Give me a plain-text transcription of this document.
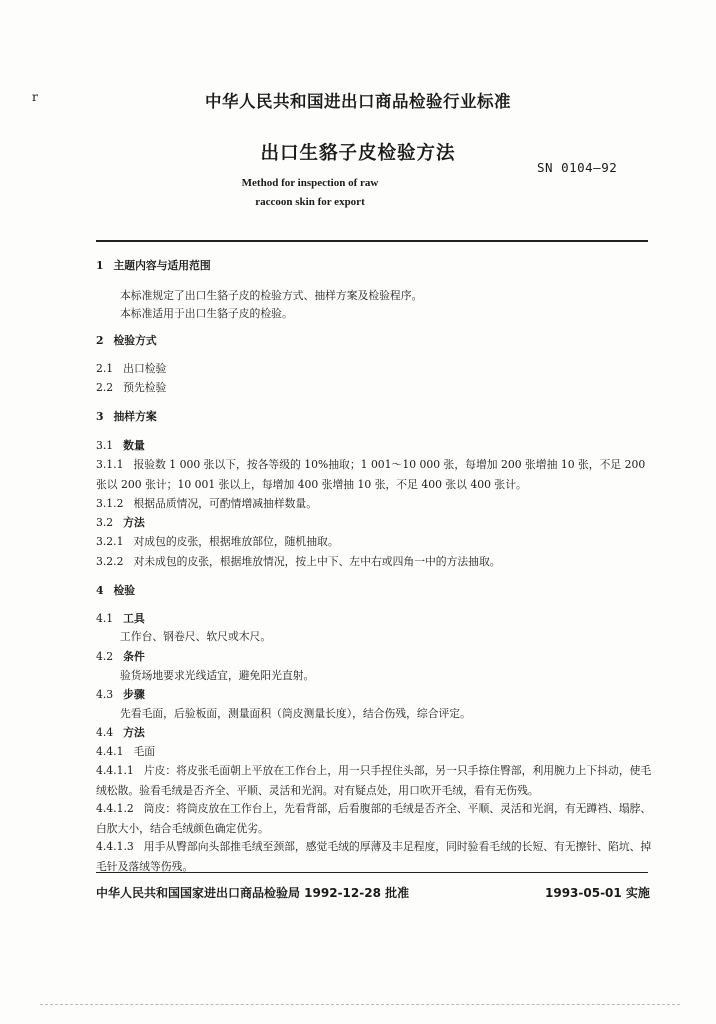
r	中华人民共和国进出口商品检验行业标准
出口生貉子皮检验方法
SN 0104—92
Method for inspection of raw
raccoon skin for export
1 主题内容与适用范围
本标准规定了出口生貉子皮的检验方式、抽样方案及检验程序。
本标准适用于出口生貉子皮的检验。
2 检验方式
2.1 出口检验
2.2 预先检验
3 抽样方案
3.1 数量
3.1.1 报验数 1 000 张以下，按各等级的 10%抽取；1 001～10 000 张，每增加 200 张增抽 10 张，不足 200 张以 200 张计；10 001 张以上，每增加 400 张增抽 10 张，不足 400 张以 400 张计。
3.1.2 根据品质情况，可酌情增减抽样数量。
3.2 方法
3.2.1 对成包的皮张，根据堆放部位，随机抽取。
3.2.2 对未成包的皮张，根据堆放情况，按上中下、左中右或四角一中的方法抽取。
4 检验
4.1 工具
工作台、钢卷尺、软尺或木尺。
4.2 条件
验货场地要求光线适宜，避免阳光直射。
4.3 步骤
先看毛面，后验板面，测量面积（筒皮测量长度），结合伤残，综合评定。
4.4 方法
4.4.1 毛面
4.4.1.1 片皮：将皮张毛面朝上平放在工作台上，用一只手捏住头部，另一只手捺住臀部，利用腕力上下抖动，使毛绒松散。验看毛绒是否齐全、平顺、灵活和光润。对有疑点处，用口吹开毛绒，看有无伤残。
4.4.1.2 筒皮：将筒皮放在工作台上，先看背部，后看腹部的毛绒是否齐全、平顺、灵活和光润，有无蹲裆、塌脖、白肷大小，结合毛绒颜色确定优劣。
4.4.1.3 用手从臀部向头部推毛绒至颈部，感觉毛绒的厚薄及丰足程度，同时验看毛绒的长短、有无擦针、陷坑、掉毛针及落绒等伤残。
中华人民共和国国家进出口商品检验局 1992-12-28 批准	1993-05-01 实施
